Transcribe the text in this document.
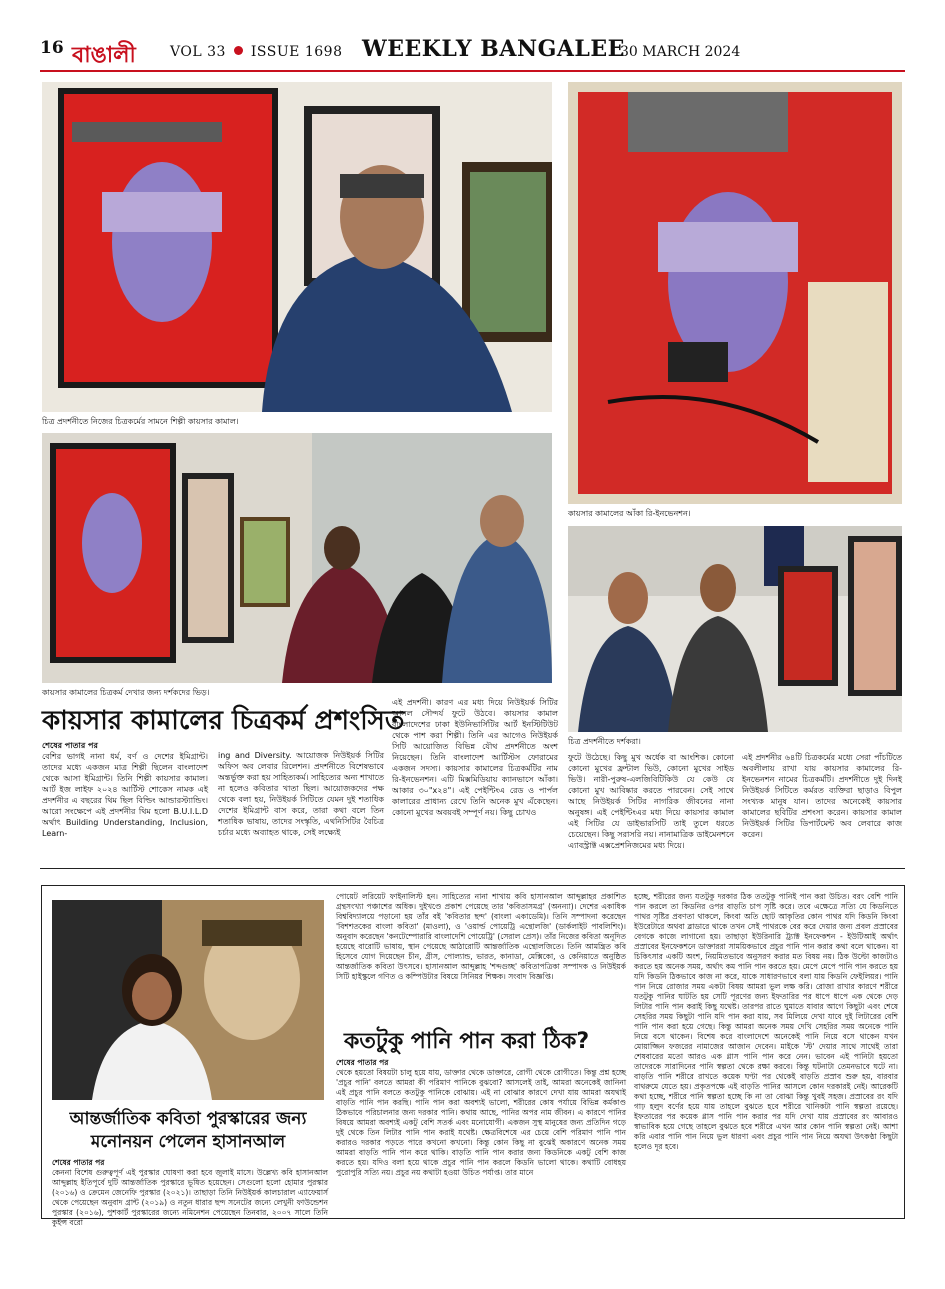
16 বাঙালী VOL 33 ISSUE 1698 WEEKLY BANGALEE
30 MARCH 2024
চিত্র প্রদর্শনীতে নিজের চিত্রকর্মের সামনে শিল্পী কায়সার কামাল।
কায়সার কামালের আঁকা রি-ইনভেনশন।
কায়সার কামালের চিত্রকর্ম দেখার জন্য দর্শকদের ভিড়।
চিত্র প্রদর্শনীতে দর্শকরা।
কায়সার কামালের চিত্রকর্ম প্রশংসিত
শেষের পাতার পর
বেশির ভাগই নানা ধর্ম, বর্ণ ও দেশের ইমিগ্রান্ট। তাদের মধ্যে একজন মাত্র শিল্পী ছিলেন বাংলাদেশ থেকে আসা ইমিগ্রান্ট। তিনি শিল্পী কায়সার কামাল। আর্ট ইজ লাইফ ২০২৪ আর্টিস্ট শোকেস নামক এই প্রদর্শনীর এ বছরের থিম ছিল বিল্ডিং আন্ডারস্ট্যান্ডিং। আরো সংক্ষেপে এই প্রদর্শনীর থিম হলো B.U.I.L.D অর্থাৎ Building Understanding, Inclusion, Learn-
ing and Diversity. আয়োজক নিউইয়র্ক সিটির অফিস অব লেবার রিলেশন। প্রদর্শনীতে বিশেষভাবে অন্তর্ভুক্ত করা হয় সাহিত্যকর্ম। সাহিত্যের অন্য শাখাতে না হলেও কবিতার খাতা ছিল। আয়োজকদের পক্ষ থেকে বলা হয়, নিউইয়র্ক সিটিতে যেমন দুই শতাধিক দেশের ইমিগ্রান্ট বাস করে, তারা কথা বলে তিন শতাধিক ভাষায়, তাদের সংস্কৃতি, এথনিসিটির বৈচিত্র চর্চার মধ্যে অব্যাহত থাকে, সেই লক্ষ্যেই
এই প্রদর্শনী। কারণ এর মধ্য দিয়ে নিউইয়র্ক সিটির আসল সৌন্দর্য ফুটে উঠবে। কায়সার কামাল বাংলাদেশের ঢাকা ইউনিভার্সিটির আর্ট ইনস্টিটিউট থেকে পাশ করা শিল্পী। তিনি এর আগেও নিউইয়র্ক সিটি আয়োজিত বিভিন্ন যৌথ প্রদর্শনীতে অংশ নিয়েছেন। তিনি বাংলাদেশ আর্টিস্টস ফোরামের একজন সদস্য। কায়সার কামালের চিত্রকর্মটির নাম রি-ইনভেনশন। এটি মিক্সমিডিয়ায় ক্যানভাসে আঁকা। আকার ৩০"x২৪"। এই পেইন্টিংএ রেড ও পার্পল কালারের প্রাধান্য রেখে তিনি অনেক মুখ এঁকেছেন। কোনো মুখের অবয়বই সম্পূর্ণ নয়। কিছু চোখও
ফুটে উঠেছে। কিছু মুখ অর্ধেক বা আংশিক। কোনো কোনো মুখের ফ্রন্টাল ভিউ, কোনো মুখের সাইড ভিউ। নারী-পুরুষ-এলজিবিটিকিউ যে কেউ যে কোনো মুখ আবিষ্কার করতে পারবেন। সেই সাথে আছে নিউইয়র্ক সিটির নাগরিক জীবনের নানা অনুষঙ্গ। এই পেইন্টিংএর মধ্য দিয়ে কায়সার কামাল এই সিটির যে ডাইভারসিটি তাই তুলে ধরতে চেয়েছেন। কিছু সরাসরি নয়। নানামাত্রিক ডাইমেনশনে এ্যাবস্ট্রাক্ট এক্সপ্রেশনিজমের মধ্য দিয়ে।
এই প্রদর্শনীর ৬৪টি চিত্রকর্মের মধ্যে সেরা পাঁচটিতে অবলীলায় রাখা যায় কায়সার কামালের রি-ইনভেনশন নামের চিত্রকর্মটি। প্রদর্শনীতে দুই দিনই নিউইয়র্ক সিটিতে কর্মরত ব্যক্তিরা ছাড়াও বিপুল সংখ্যক মানুষ যান। তাদের অনেকেই কায়সার কামালের ছবিটির প্রশংসা করেন। কায়সার কামাল নিউইয়র্ক সিটির ডিপার্টমেন্ট অব লেবারে কাজ করেন।
আন্তর্জাতিক কবিতা পুরস্কারের জন্য
মনোনয়ন পেলেন হাসানআল
শেষের পাতার পর
কেননা বিশেষ গুরুত্বপূর্ণ এই পুরস্কার ঘোষণা করা হবে জুলাই মাসে। উল্লেখ্য কবি হাসানআল আব্দুল্লাহ ইতিপূর্বে দুটি আন্তর্জাতিক পুরস্কারে ভূষিত হয়েছেন। সেগুলো হলো হোমার পুরস্কার (২০১৬) ও ক্রেমেন জেনেফি পুরস্কার (২০২১)। তাছাড়া তিনি নিউইয়র্ক কালচারাল এ্যাফেয়ার্স থেকে পেয়েছেন অনুবাদ গ্রান্ট (২০১৯) ও নতুন ধারার ছন্দ সনেটের জন্যে লেখুনী ফাউন্ডেশন পুরস্কার (২০১৬), পুশকার্ট পুরস্কারের জন্যে নমিনেশন পেয়েছেন তিনবার, ২০০৭ সালে তিনি কুইন্স বরো
পোয়েট লরিয়েট ফাইনালিস্ট হন। সাহিত্যের নানা শাখায় কবি হাসানআল আব্দুল্লাহর প্রকাশিত গ্রন্থসংখ্যা পঞ্চাশের অধিক। দুইখণ্ডে প্রকাশ পেয়েছে তার 'কবিতাসমগ্র' (অনন্যা)। দেশের একাধিক বিশ্ববিদ্যালয়ে পড়ানো হয় তাঁর বই 'কবিতার ছন্দ' (বাংলা একাডেমি)। তিনি সম্পাদনা করেছেন 'বিশশতকের বাংলা কবিতা' (মাওলা), ও 'ওয়ার্ল্ড পোয়েট্রি এন্থোলজি' (ডার্কলাইট পাবলিশিং)। অনুবাদ করেছেন 'কনটেম্পোরারি বাংলাদেশি পোয়েট্রি' (সেরাল প্রেস)। তাঁর নিজের কবিতা অনূদিত হয়েছে বারোটি ভাষায়, স্থান পেয়েছে আঠারোটি আন্তর্জাতিক এন্থোলজিতে। তিনি আমন্ত্রিত কবি হিসেবে যোগ দিয়েছেন চীন, গ্রীস, পোল্যান্ড, ভারত, কানাডা, মেক্সিকো, ও কেনিয়াতে অনুষ্ঠিত আন্তর্জাতিক কবিতা উৎসবে। হাসানআল আব্দুল্লাহ 'শব্দগুচ্ছ' কবিতাপত্রিকা সম্পাদক ও নিউইয়র্ক সিটি হাইস্কুলে গণিত ও কম্পিউটার বিষয়ে সিনিয়র শিক্ষক। সংবাদ বিজ্ঞপ্তি।
কতটুকু পানি পান করা ঠিক?
শেষের পাতার পর
থেকে হয়তো বিষয়টা চালু হয়ে যায়, ডাক্তার থেকে ডাক্তারে, রোগী থেকে রোগীতে। কিন্তু প্রশ্ন হচ্ছে 'প্রচুর পানি' বলতে আমরা কী পরিমাণ পানিকে বুঝবো? আসলেই তাই, আমরা অনেকেই জানিনা এই প্রচুর পানি বলতে কতটুকু পানিকে বোঝায়। এই না বোঝার কারণে দেখা যায় আমরা অযথাই বাড়তি পানি পান করছি। পানি পান করা অবশ্যই ভালো, শরীরের কোষ পর্যায়ে বিভিন্ন কর্মকাণ্ড ঠিকভাবে পরিচালনার জন্য দরকার পানি। কথায় আছে, পানির অপর নাম জীবন। এ কারণে পানির বিষয়ে আমরা অবশ্যই একটু বেশি সতর্ক এবং মনোযোগী। একজন সুস্থ মানুষের জন্য প্রতিদিন গড়ে দুই থেকে তিন লিটার পানি পান করাই যথেষ্ট। ক্ষেত্রবিশেষে এর চেয়ে বেশি পরিমাণ পানি পান করারও দরকার পড়তে পারে কখনো কখনো। কিন্তু কোন কিছু না বুঝেই অকারণে অনেক সময় আমরা বাড়তি পানি পান করে থাকি। বাড়তি পানি পান করার জন্য কিডনিকে একটু বেশি কাজ করতে হয়। যদিও বলা হয়ে থাকে প্রচুর পানি পান করলে কিডনি ভালো থাকে। কথাটি বোধহয় পুরোপুরি সত্যি নয়। প্রচুর নয় কথাটা হওয়া উচিত পর্যাপ্ত। তার মানে
হচ্ছে, শরীরের জন্য যতটুকু দরকার ঠিক ততটুকু পানিই পান করা উচিত। বরং বেশি পানি পান করলে তা কিডনির ওপর বাড়তি চাপ সৃষ্টি করে। তবে এক্ষেত্রে সত্যি যে কিডনিতে পাথর সৃষ্টির প্রবণতা থাকলে, কিংবা অতি ছোট আকৃতির কোন পাথর যদি কিডনি কিংবা ইউরেটারে অথবা ব্লাডারে থাকে তখন সেই পাথরকে বের করে দেয়ার জন্য প্রবল প্রস্রাবের বেগকে কাজে লাগানো হয়। তাছাড়া ইউরিনারি ট্র্যাক্ট ইনফেকশন - ইউটিআই অর্থাৎ প্রস্রাবের ইনফেকশনে ডাক্তাররা সাময়িকভাবে প্রচুর পানি পান করার কথা বলে থাকেন। যা চিকিৎসার একটি অংশ, নিয়মিতভাবে অনুসরণ করার মত বিষয় নয়। ঠিক উল্টো কাজটাও করতে হয় অনেক সময়, অর্থাৎ কম পানি পান করতে হয়। মেপে মেপে পানি পান করতে হয় যদি কিডনি ঠিকভাবে কাজ না করে, যাকে সাধারণভাবে বলা যায় কিডনি ফেইলিয়র। পানি পান নিয়ে রোজার সময় একটা বিষয় আমরা ভুল লক্ষ করি। রোজা রাখার কারণে শরীরে যতটুকু পানির ঘাটতি হয় সেটি পূরণের জন্য ইফতারির পর ধাপে ধাপে এক থেকে দেড় লিটার পানি পান করাই কিছু যথেষ্ট। তারপর রাতে ঘুমাতে যাবার আগে কিছুটা এবং শেষে সেহরির সময় কিছুটা পানি যদি পান করা যায়, সব মিলিয়ে দেখা যাবে দুই লিটারের বেশি পানি পান করা হয়ে গেছে। কিন্তু আমরা অনেক সময় দেখি সেহরির সময় অনেকে পানি নিয়ে বসে থাকেন। বিশেষ করে বাংলাদেশে অনেকেই পানি নিয়ে বসে থাকেন যখন মোয়াজ্জিন ফজরের নামাজের আজান দেবেন। মাইকে 'স্ট' দেয়ার সাথে সাথেই তারা শেষবারের মতো আরও এক গ্লাস পানি পান করে নেন। ভাবেন এই পানিটা হয়তো তাদেরকে সারাদিনের পানি স্বল্পতা থেকে রক্ষা করবে। কিন্তু ঘটনাটা তেমনভাবে ঘটে না। বাড়তি পানি শরীরে রাখতে কয়েক ঘণ্টা পর থেকেই বাড়তি প্রস্রাব শুরু হয়, বারবার বাথরুমে যেতে হয়। প্রকৃতপক্ষে এই বাড়তি পানির আসলে কোন দরকারই নেই। আরেকটি কথা হচ্ছে, শরীরে পানি স্বল্পতা হচ্ছে কি না তা বোঝা কিন্তু খুবই সহজ। প্রস্রাবের রং যদি গাঢ় হলুদ বর্ণের হয়ে যায় তাহলে বুঝতে হবে শরীরে খানিকটা পানি স্বল্পতা রয়েছে। ইফতারের পর কয়েক গ্লাস পানি পান করার পর যদি দেখা যায় প্রস্রাবের রং আবারও স্বাভাবিক হয়ে গেছে তাহলে বুঝতে হবে শরীরে এখন আর কোন পানি স্বল্পতা নেই। আশা করি এবার পানি পান নিয়ে ভুল ধারণা এবং প্রচুর পানি পান নিয়ে অযথা উৎকণ্ঠা কিছুটা হলেও দূর হবে।
